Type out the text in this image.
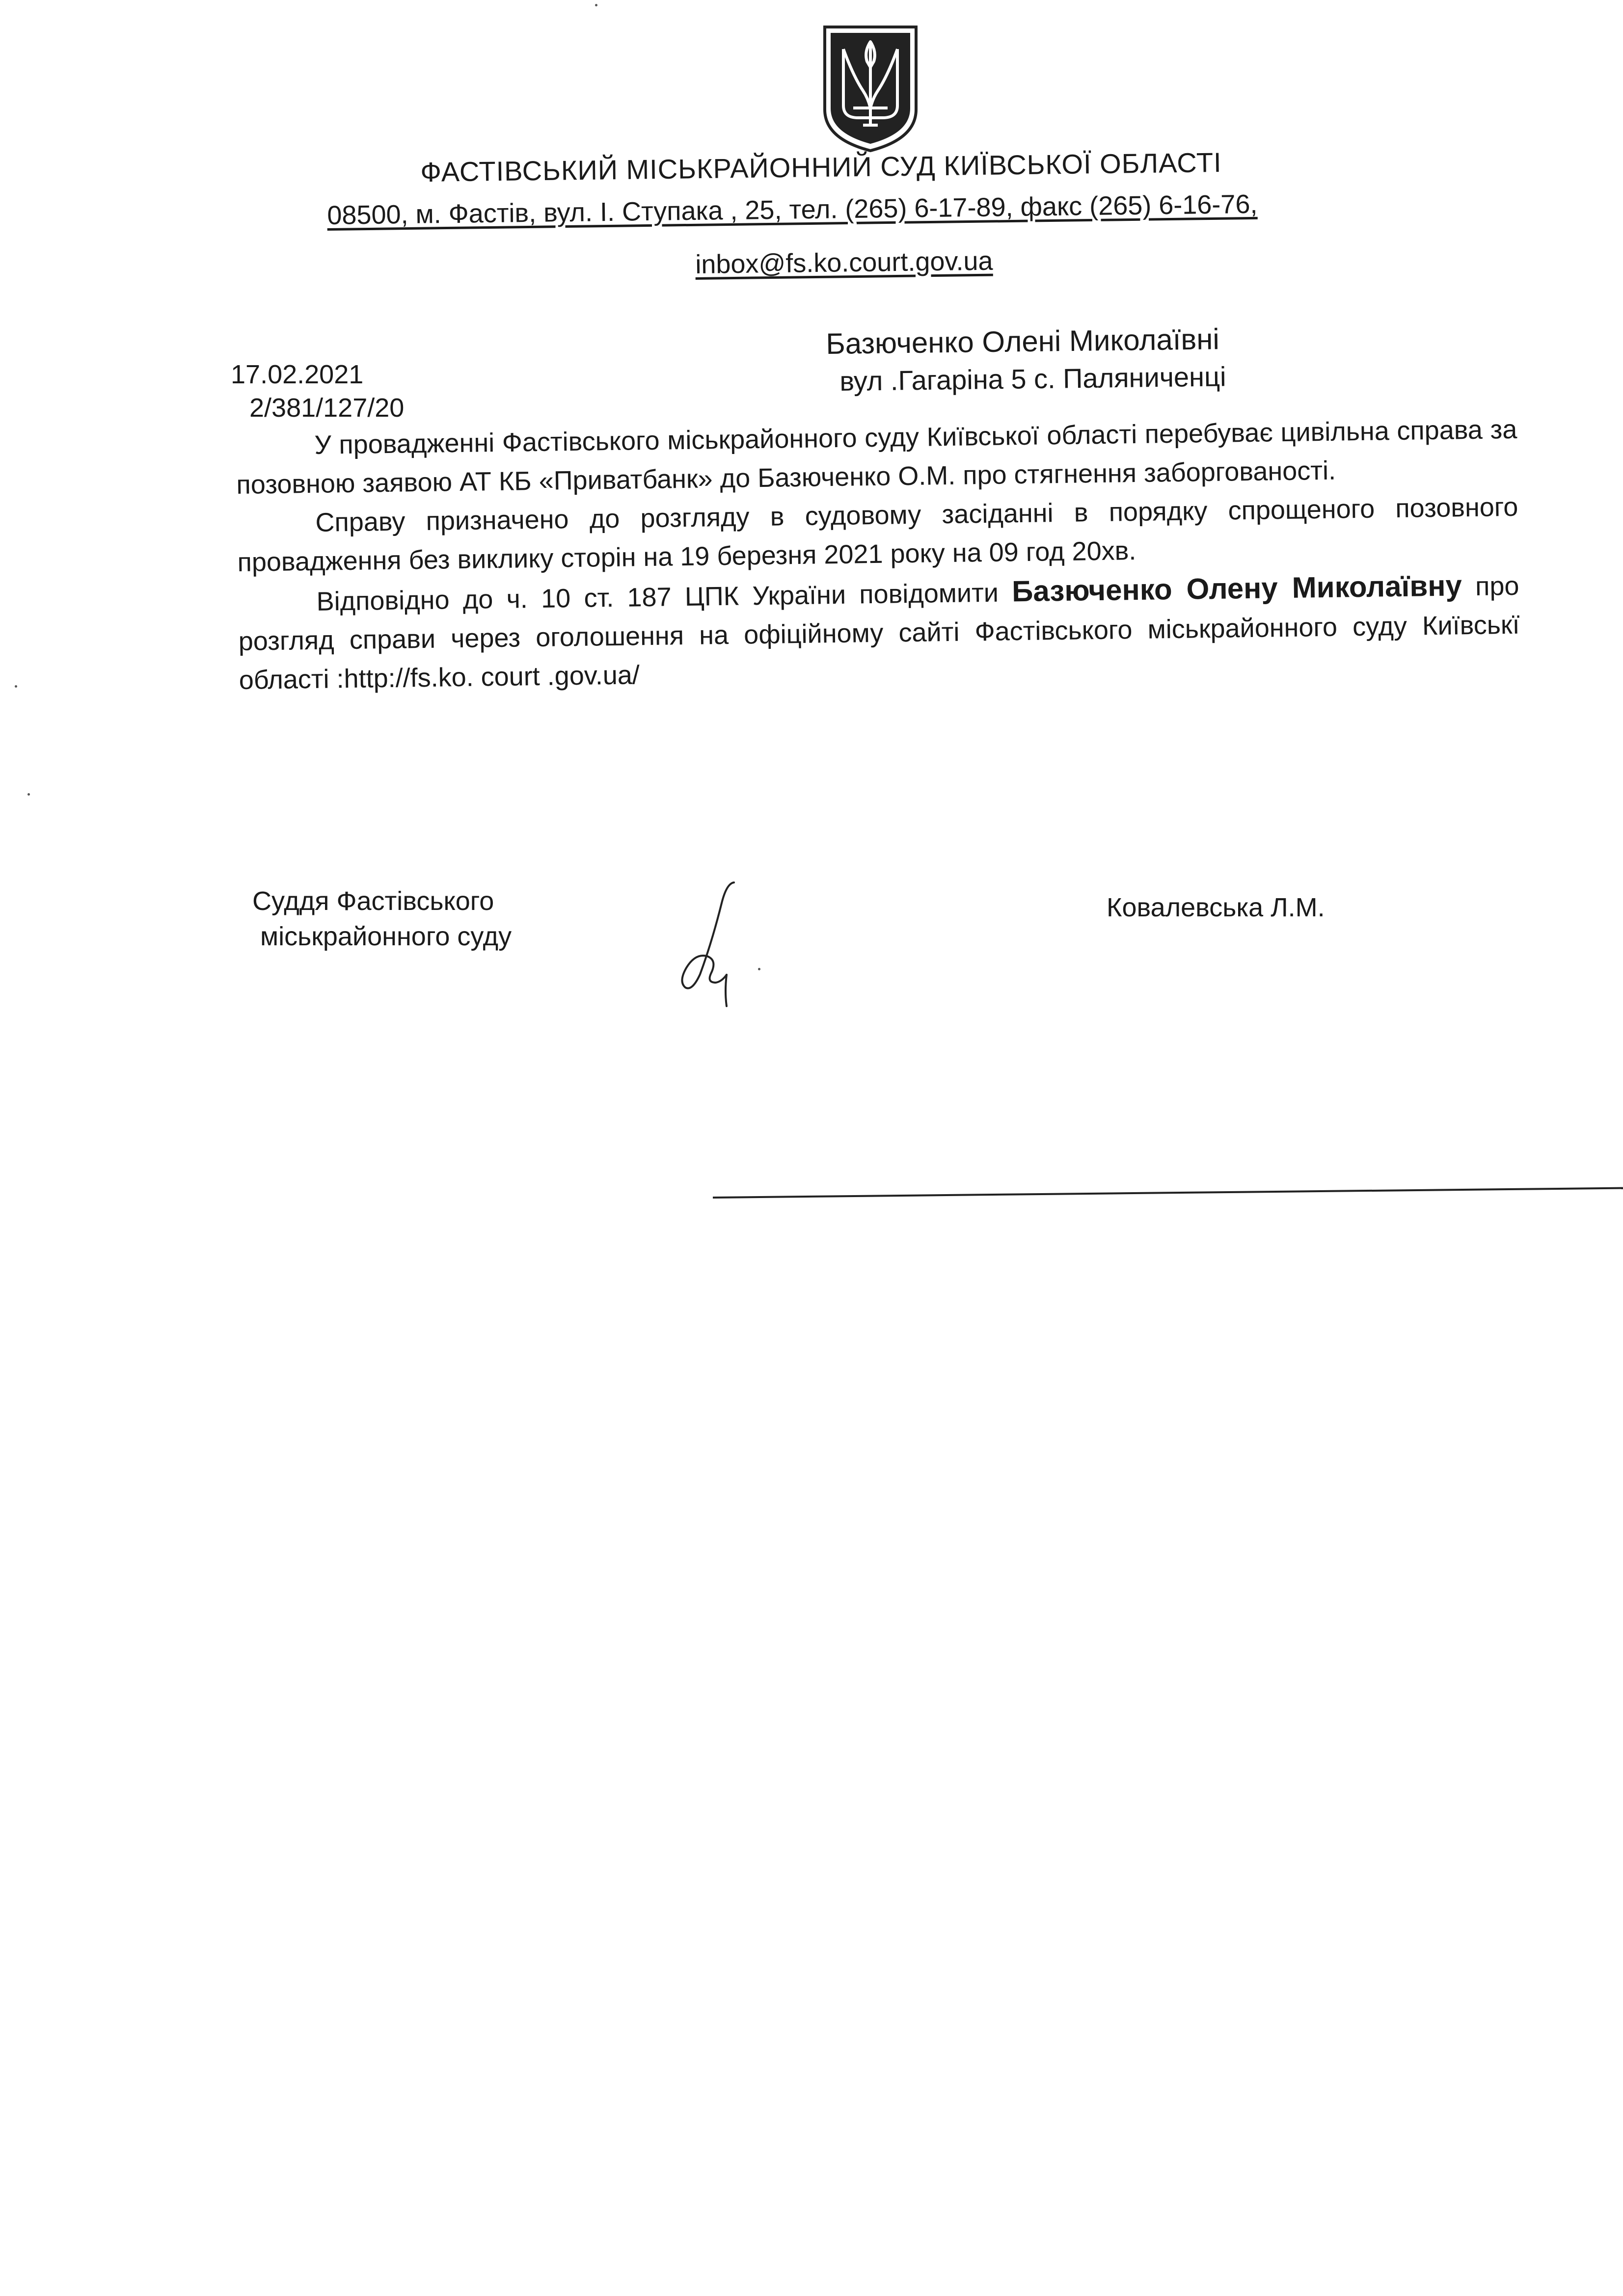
ФАСТІВСЬКИЙ МІСЬКРАЙОННИЙ СУД КИЇВСЬКОЇ ОБЛАСТІ
08500, м. Фастів, вул. І. Ступака , 25, тел. (265) 6-17-89, факс (265) 6-16-76,
inbox@fs.ko.court.gov.ua
17.02.2021
2/381/127/20
Базюченко Олені Миколаївні
вул .Гагаріна 5 с. Паляниченці

У провадженні Фастівського міськрайонного суду Київської області перебуває цивільна справа за позовною заявою АТ КБ «Приватбанк» до Базюченко О.М. про стягнення заборгованості.

Справу призначено до розгляду в судовому засіданні в порядку спрощеного позовного провадження без виклику сторін на 19 березня 2021 року на 09 год 20хв.

Відповідно до ч. 10 ст. 187 ЦПК України повідомити Базюченко Олену Миколаївну про розгляд справи через оголошення на офіційному сайті Фастівського міськрайонного суду Київськї області :http://fs.ko. court .gov.ua/

Суддя Фастівського
міськрайонного суду
Ковалевська Л.М.
